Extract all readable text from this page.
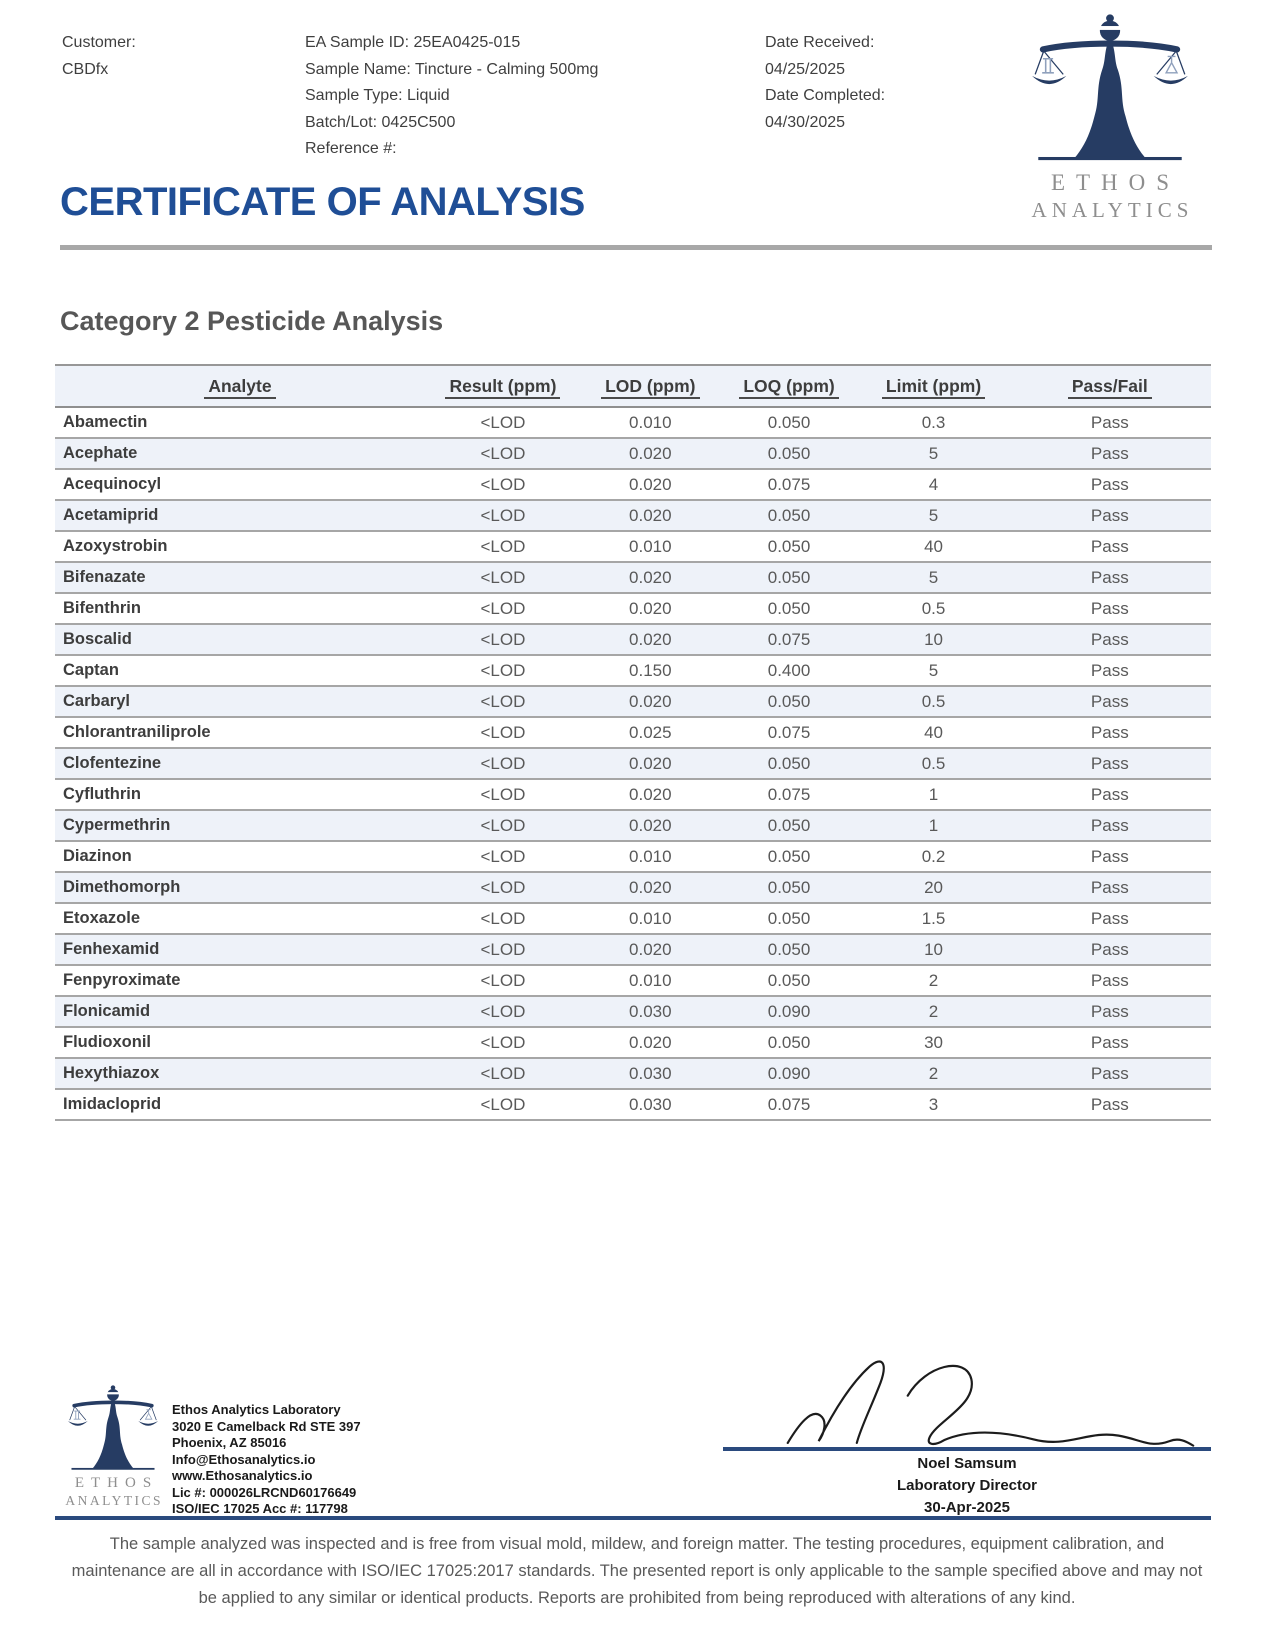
Customer:
CBDfx
EA Sample ID: 25EA0425-015
Sample Name: Tincture - Calming 500mg
Sample Type: Liquid
Batch/Lot: 0425C500
Reference #:
Date Received:
04/25/2025
Date Completed:
04/30/2025
ETHOS
ANALYTICS
CERTIFICATE OF ANALYSIS
Category 2 Pesticide Analysis
Analyte	Result (ppm)	LOD (ppm)	LOQ (ppm)	Limit (ppm)	Pass/Fail
Abamectin	<LOD	0.010	0.050	0.3	Pass
Acephate	<LOD	0.020	0.050	5	Pass
Acequinocyl	<LOD	0.020	0.075	4	Pass
Acetamiprid	<LOD	0.020	0.050	5	Pass
Azoxystrobin	<LOD	0.010	0.050	40	Pass
Bifenazate	<LOD	0.020	0.050	5	Pass
Bifenthrin	<LOD	0.020	0.050	0.5	Pass
Boscalid	<LOD	0.020	0.075	10	Pass
Captan	<LOD	0.150	0.400	5	Pass
Carbaryl	<LOD	0.020	0.050	0.5	Pass
Chlorantraniliprole	<LOD	0.025	0.075	40	Pass
Clofentezine	<LOD	0.020	0.050	0.5	Pass
Cyfluthrin	<LOD	0.020	0.075	1	Pass
Cypermethrin	<LOD	0.020	0.050	1	Pass
Diazinon	<LOD	0.010	0.050	0.2	Pass
Dimethomorph	<LOD	0.020	0.050	20	Pass
Etoxazole	<LOD	0.010	0.050	1.5	Pass
Fenhexamid	<LOD	0.020	0.050	10	Pass
Fenpyroximate	<LOD	0.010	0.050	2	Pass
Flonicamid	<LOD	0.030	0.090	2	Pass
Fludioxonil	<LOD	0.020	0.050	30	Pass
Hexythiazox	<LOD	0.030	0.090	2	Pass
Imidacloprid	<LOD	0.030	0.075	3	Pass
ETHOS
ANALYTICS
Ethos Analytics Laboratory
3020 E Camelback Rd STE 397
Phoenix, AZ 85016
Info@Ethosanalytics.io
www.Ethosanalytics.io
Lic #: 000026LRCND60176649
ISO/IEC 17025 Acc #: 117798
Noel Samsum
Laboratory Director
30-Apr-2025
The sample analyzed was inspected and is free from visual mold, mildew, and foreign matter. The testing procedures, equipment calibration, and maintenance are all in accordance with ISO/IEC 17025:2017 standards. The presented report is only applicable to the sample specified above and may not be applied to any similar or identical products. Reports are prohibited from being reproduced with alterations of any kind.
